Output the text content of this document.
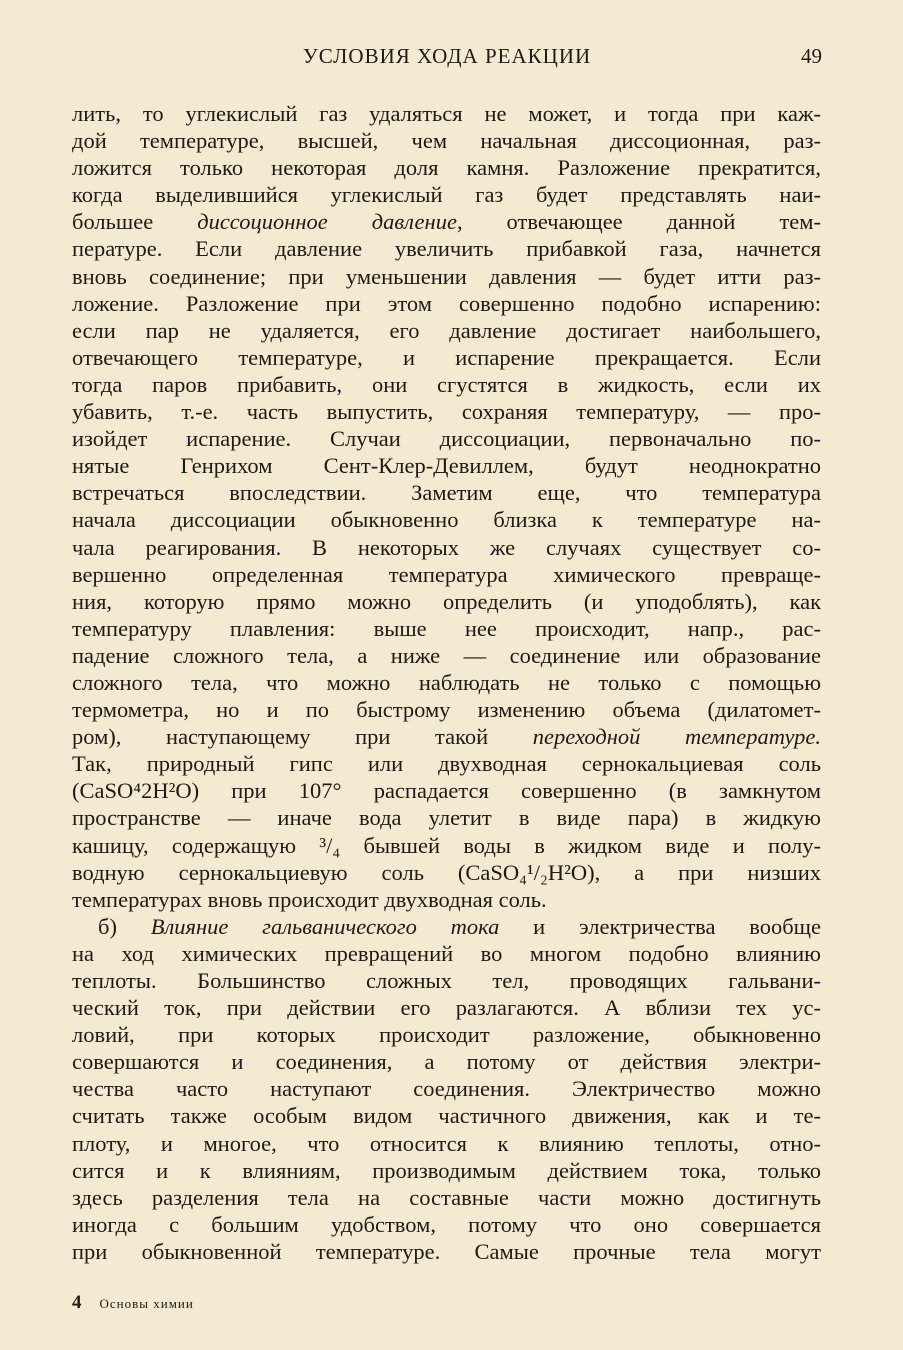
УСЛОВИЯ ХОДА РЕАКЦИИ	49
лить, то углекислый газ удаляться не может, и тогда при каж-
дой температуре, высшей, чем начальная диссоционная, раз-
ложится только некоторая доля камня. Разложение прекратится,
когда выделившийся углекислый газ будет представлять наи-
большее диссоционное давление, отвечающее данной тем-
пературе. Если давление увеличить прибавкой газа, начнется
вновь соединение; при уменьшении давления — будет итти раз-
ложение. Разложение при этом совершенно подобно испарению:
если пар не удаляется, его давление достигает наибольшего,
отвечающего температуре, и испарение прекращается. Если
тогда паров прибавить, они сгустятся в жидкость, если их
убавить, т.-е. часть выпустить, сохраняя температуру, — про-
изойдет испарение. Случаи диссоциации, первоначально по-
нятые Генрихом Сент-Клер-Девиллем, будут неоднократно
встречаться впоследствии. Заметим еще, что температура
начала диссоциации обыкновенно близка к температуре на-
чала реагирования. В некоторых же случаях существует со-
вершенно определенная температура химического превраще-
ния, которую прямо можно определить (и уподоблять), как
температуру плавления: выше нее происходит, напр., рас-
падение сложного тела, а ниже — соединение или образование
сложного тела, что можно наблюдать не только с помощью
термометра, но и по быстрому изменению объема (дилатомет-
ром), наступающему при такой переходной температуре.
Так, природный гипс или двухводная сернокальциевая соль
(CaSO⁴2H²O) при 107° распадается совершенно (в замкнутом
пространстве — иначе вода улетит в виде пара) в жидкую
кашицу, содержащую ³/₄ бывшей воды в жидком виде и полу-
водную сернокальциевую соль (CaSO₄¹/₂H²O), а при низших
температурах вновь происходит двухводная соль.
б) Влияние гальванического тока и электричества вообще
на ход химических превращений во многом подобно влиянию
теплоты. Большинство сложных тел, проводящих гальвани-
ческий ток, при действии его разлагаются. А вблизи тех ус-
ловий, при которых происходит разложение, обыкновенно
совершаются и соединения, а потому от действия электри-
чества часто наступают соединения. Электричество можно
считать также особым видом частичного движения, как и те-
плоту, и многое, что относится к влиянию теплоты, отно-
сится и к влияниям, производимым действием тока, только
здесь разделения тела на составные части можно достигнуть
иногда с большим удобством, потому что оно совершается
при обыкновенной температуре. Самые прочные тела могут
4 Основы химии
